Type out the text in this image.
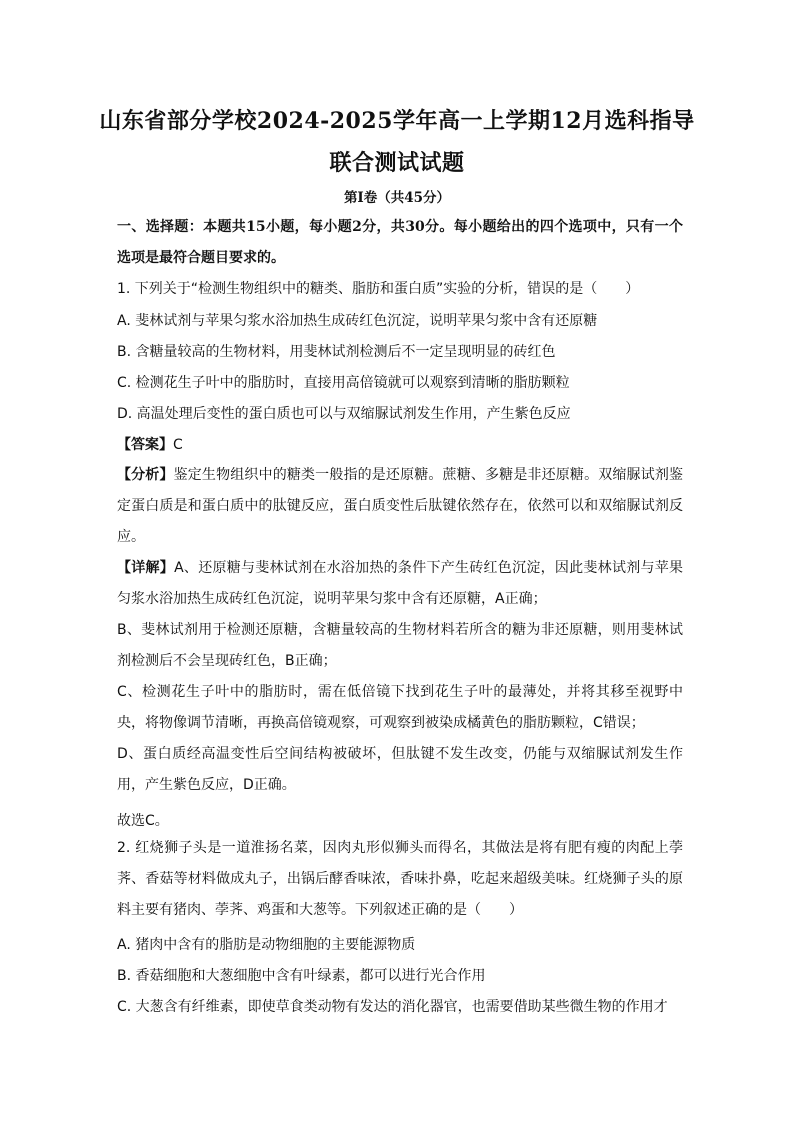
山东省部分学校2024-2025学年高一上学期12月选科指导
联合测试试题
第Ⅰ卷（共45分）

一、选择题：本题共15小题，每小题2分，共30分。每小题给出的四个选项中，只有一个选项是最符合题目要求的。

1. 下列关于“检测生物组织中的糖类、脂肪和蛋白质”实验的分析，错误的是（　　）
A. 斐林试剂与苹果匀浆水浴加热生成砖红色沉淀，说明苹果匀浆中含有还原糖
B. 含糖量较高的生物材料，用斐林试剂检测后不一定呈现明显的砖红色
C. 检测花生子叶中的脂肪时，直接用高倍镜就可以观察到清晰的脂肪颗粒
D. 高温处理后变性的蛋白质也可以与双缩脲试剂发生作用，产生紫色反应
【答案】C

【分析】鉴定生物组织中的糖类一般指的是还原糖。蔗糖、多糖是非还原糖。双缩脲试剂鉴定蛋白质是和蛋白质中的肽键反应，蛋白质变性后肽键依然存在，依然可以和双缩脲试剂反应。

【详解】A、还原糖与斐林试剂在水浴加热的条件下产生砖红色沉淀，因此斐林试剂与苹果匀浆水浴加热生成砖红色沉淀，说明苹果匀浆中含有还原糖，A正确；

B、斐林试剂用于检测还原糖，含糖量较高的生物材料若所含的糖为非还原糖，则用斐林试剂检测后不会呈现砖红色，B正确；

C、检测花生子叶中的脂肪时，需在低倍镜下找到花生子叶的最薄处，并将其移至视野中央，将物像调节清晰，再换高倍镜观察，可观察到被染成橘黄色的脂肪颗粒，C错误；

D、蛋白质经高温变性后空间结构被破坏，但肽键不发生改变，仍能与双缩脲试剂发生作用，产生紫色反应，D正确。

故选C。

2. 红烧狮子头是一道淮扬名菜，因肉丸形似狮头而得名，其做法是将有肥有瘦的肉配上荸荠、香菇等材料做成丸子，出锅后酵香味浓，香味扑鼻，吃起来超级美味。红烧狮子头的原料主要有猪肉、荸荠、鸡蛋和大葱等。下列叙述正确的是（　　）

A. 猪肉中含有的脂肪是动物细胞的主要能源物质
B. 香菇细胞和大葱细胞中含有叶绿素，都可以进行光合作用
C. 大葱含有纤维素，即使草食类动物有发达的消化器官，也需要借助某些微生物的作用才
